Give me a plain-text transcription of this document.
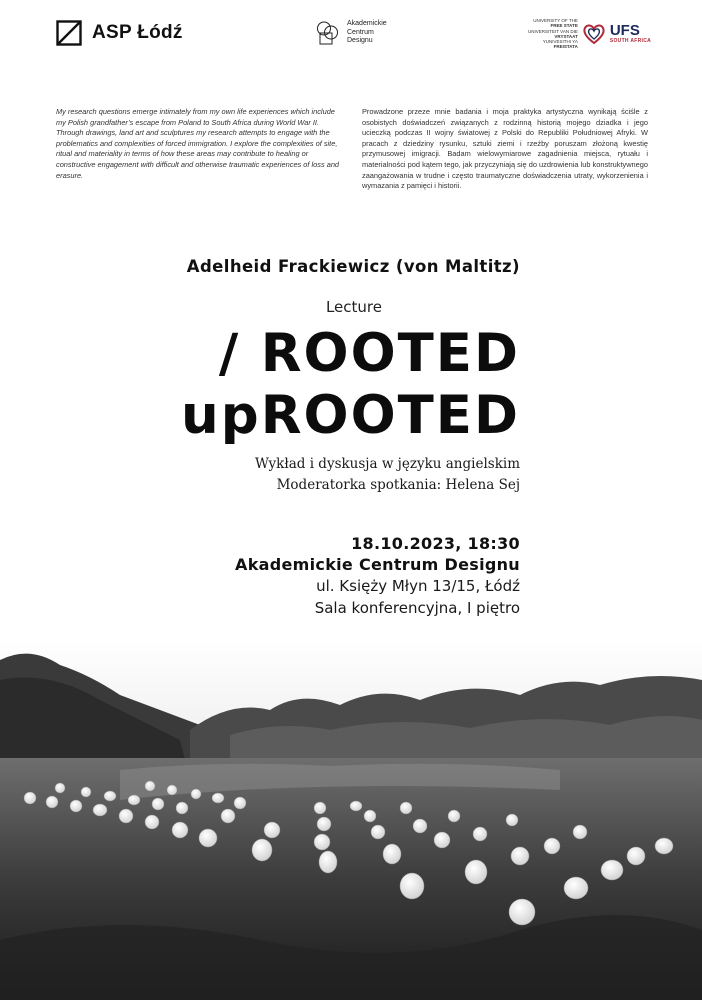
ASP Łódź	Akademickie
Centrum
Designu
UNIVERSITY OF THE
FREE STATE
UNIVERSITEIT VAN DIE
VRYSTAAT
YUNIVESITHI YA
FREISTATA
UFS
SOUTH AFRICA

My research questions emerge intimately from my own life experiences which include my Polish grandfather’s escape from Poland to South Africa during World War II. Through drawings, land art and sculptures my research attempts to engage with the problematics and complexities of forced immigration. I explore the complexities of site, ritual and materiality in terms of how these areas may contribute to healing or constructive engagement with difficult and otherwise traumatic experiences of loss and erasure.

Prowadzone przeze mnie badania i moja praktyka artystyczna wynikają ściśle z osobistych doświadczeń związanych z rodzinną historią mojego dziadka i jego ucieczką podczas II wojny światowej z Polski do Republiki Południowej Afryki. W pracach z dziedziny rysunku, sztuki ziemi i rzeźby poruszam złożoną kwestię przymusowej imigracji. Badam wielowymiarowe zagadnienia miejsca, rytuału i materialności pod kątem tego, jak przyczyniają się do uzdrowienia lub konstruktywnego zaangażowania w trudne i często traumatyczne doświadczenia utraty, wykorzenienia i wymazania z pamięci i historii.

Adelheid Frackiewicz (von Maltitz)
Lecture
/ ROOTED
upROOTED
Wykład i dyskusja w języku angielskim
Moderatorka spotkania: Helena Sej
18.10.2023, 18:30
Akademickie Centrum Designu
ul. Księży Młyn 13/15, Łódź
Sala konferencyjna, I piętro
